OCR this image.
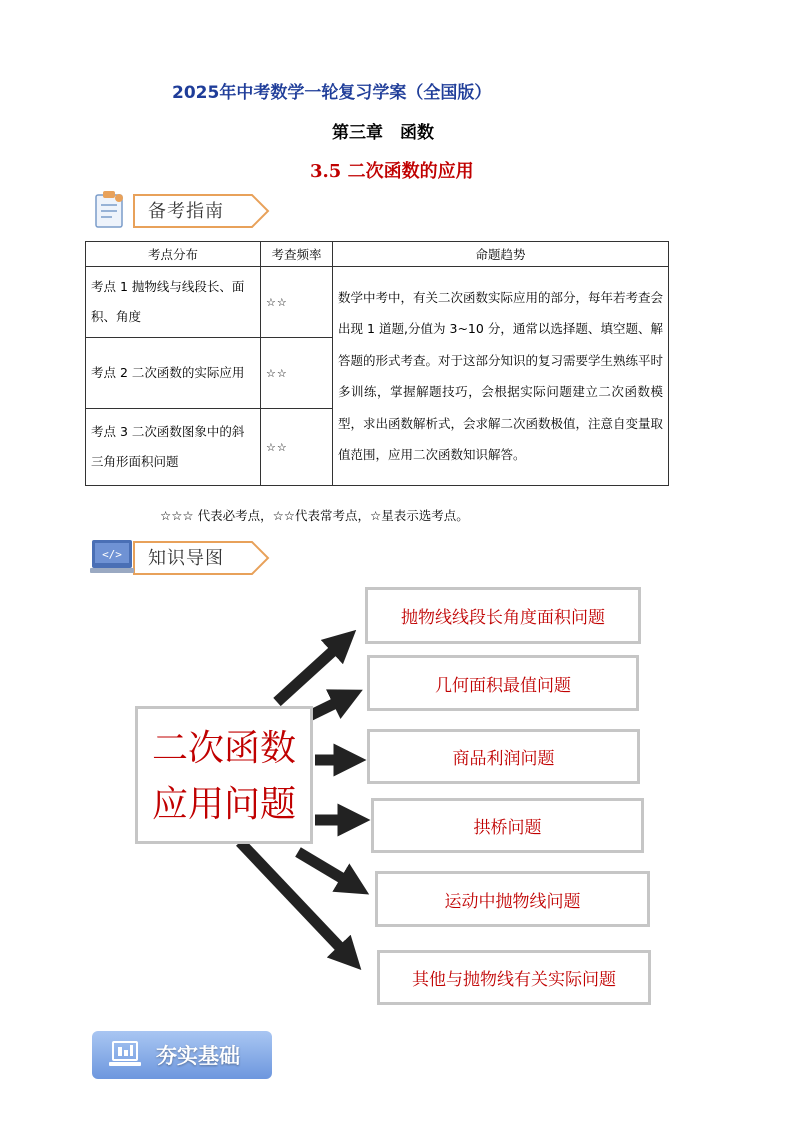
2025年中考数学一轮复习学案（全国版）
第三章　函数
3.5 二次函数的应用
备考指南
考点分布	考查频率	命题趋势
考点 1 抛物线与线段长、面积、角度	☆☆	数学中考中，有关二次函数实际应用的部分，每年若考查会出现 1 道题,分值为 3~10 分，通常以选择题、填空题、解答题的形式考查。对于这部分知识的复习需要学生熟练平时多训练，掌握解题技巧，会根据实际问题建立二次函数模型，求出函数解析式，会求解二次函数极值，注意自变量取值范围，应用二次函数知识解答。
考点 2 二次函数的实际应用	☆☆	
考点 3 二次函数图象中的斜三角形面积问题	☆☆	
☆☆☆ 代表必考点，☆☆代表常考点，☆星表示选考点。
</>	知识导图
二次函数
应用问题
抛物线线段长角度面积问题
几何面积最值问题
商品利润问题
拱桥问题
运动中抛物线问题
其他与抛物线有关实际问题
夯实基础
